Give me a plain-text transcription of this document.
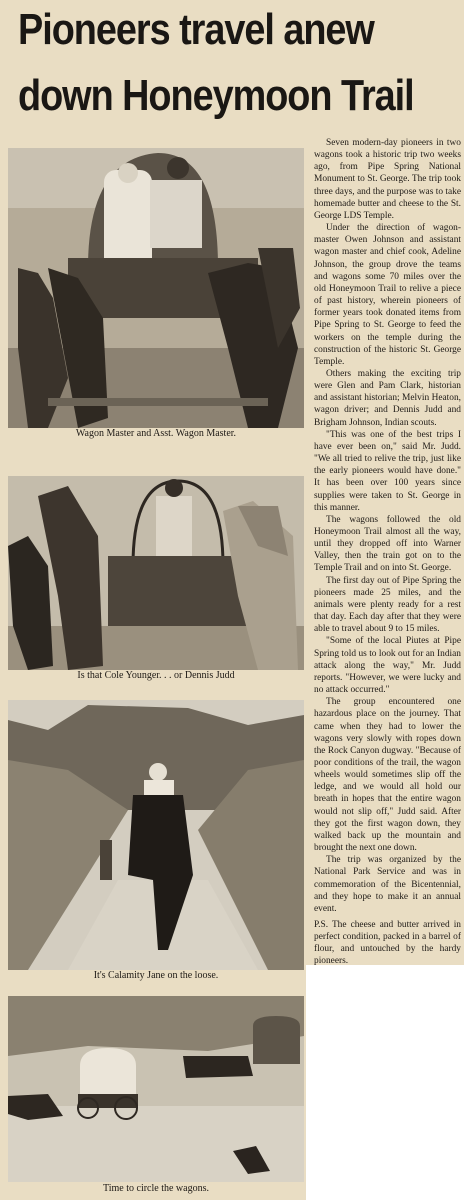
Pioneers travel anew
down Honeymoon Trail
Wagon Master and Asst. Wagon Master.
Is that Cole Younger. . . or Dennis Judd
It's Calamity Jane on the loose.
Time to circle the wagons.

Seven modern-day pioneers in two wagons took a historic trip two weeks ago, from Pipe Spring National Monument to St. George. The trip took three days, and the purpose was to take homemade butter and cheese to the St. George LDS Temple.

Under the direction of wagon-master Owen Johnson and assistant wagon master and chief cook, Adeline Johnson, the group drove the teams and wagons some 70 miles over the old Honeymoon Trail to relive a piece of past history, wherein pioneers of former years took donated items from Pipe Spring to St. George to feed the workers on the temple during the construction of the historic St. George Temple.

Others making the exciting trip were Glen and Pam Clark, historian and assistant historian; Melvin Heaton, wagon driver; and Dennis Judd and Brigham Johnson, Indian scouts.

"This was one of the best trips I have ever been on," said Mr. Judd. "We all tried to relive the trip, just like the early pioneers would have done." It has been over 100 years since supplies were taken to St. George in this manner.

The wagons followed the old Honeymoon Trail almost all the way, until they dropped off into Warner Valley, then the train got on to the Temple Trail and on into St. George.

The first day out of Pipe Spring the pioneers made 25 miles, and the animals were plenty ready for a rest that day. Each day after that they were able to travel about 9 to 15 miles.

"Some of the local Piutes at Pipe Spring told us to look out for an Indian attack along the way," Mr. Judd reports. "However, we were lucky and no attack occurred."

The group encountered one hazardous place on the journey. That came when they had to lower the wagons very slowly with ropes down the Rock Canyon dugway. "Because of poor conditions of the trail, the wagon wheels would sometimes slip off the ledge, and we would all hold our breath in hopes that the entire wagon would not slip off," Judd said. After they got the first wagon down, they walked back up the mountain and brought the next one down.

The trip was organized by the National Park Service and was in commemoration of the Bicentennial, and they hope to make it an annual event.

P.S. The cheese and butter arrived in perfect condition, packed in a barrel of flour, and untouched by the hardy pioneers.
